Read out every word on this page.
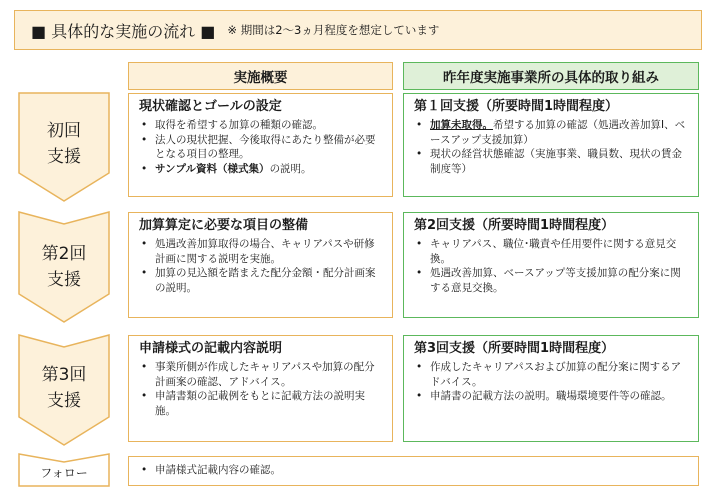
■ 具体的な実施の流れ ■ ※ 期間は2～3ヵ月程度を想定しています
実施概要	昨年度実施事業所の具体的取り組み
初回
支援
現状確認とゴールの設定
• 取得を希望する加算の種類の確認。
• 法人の現状把握、今後取得にあたり整備が必要となる項目の整理。
• サンプル資料（様式集）の説明。
第１回支援（所要時間1時間程度）
• 加算未取得。希望する加算の確認（処遇改善加算Ⅰ、ベースアップ支援加算）
• 現状の経営状態確認（実施事業、職員数、現状の賃金制度等）
第2回
支援
加算算定に必要な項目の整備
• 処遇改善加算取得の場合、キャリアパスや研修計画に関する説明を実施。
• 加算の見込額を踏まえた配分金額・配分計画案の説明。
第2回支援（所要時間1時間程度）
• キャリアパス、職位･職責や任用要件に関する意見交換。
• 処遇改善加算、ベースアップ等支援加算の配分案に関する意見交換。
第3回
支援
申請様式の記載内容説明
• 事業所側が作成したキャリアパスや加算の配分計画案の確認、アドバイス。
• 申請書類の記載例をもとに記載方法の説明実施。
第3回支援（所要時間1時間程度）
• 作成したキャリアパスおよび加算の配分案に関するアドバイス。
• 申請書の記載方法の説明。職場環境要件等の確認。
フォロー
•	申請様式記載内容の確認。
